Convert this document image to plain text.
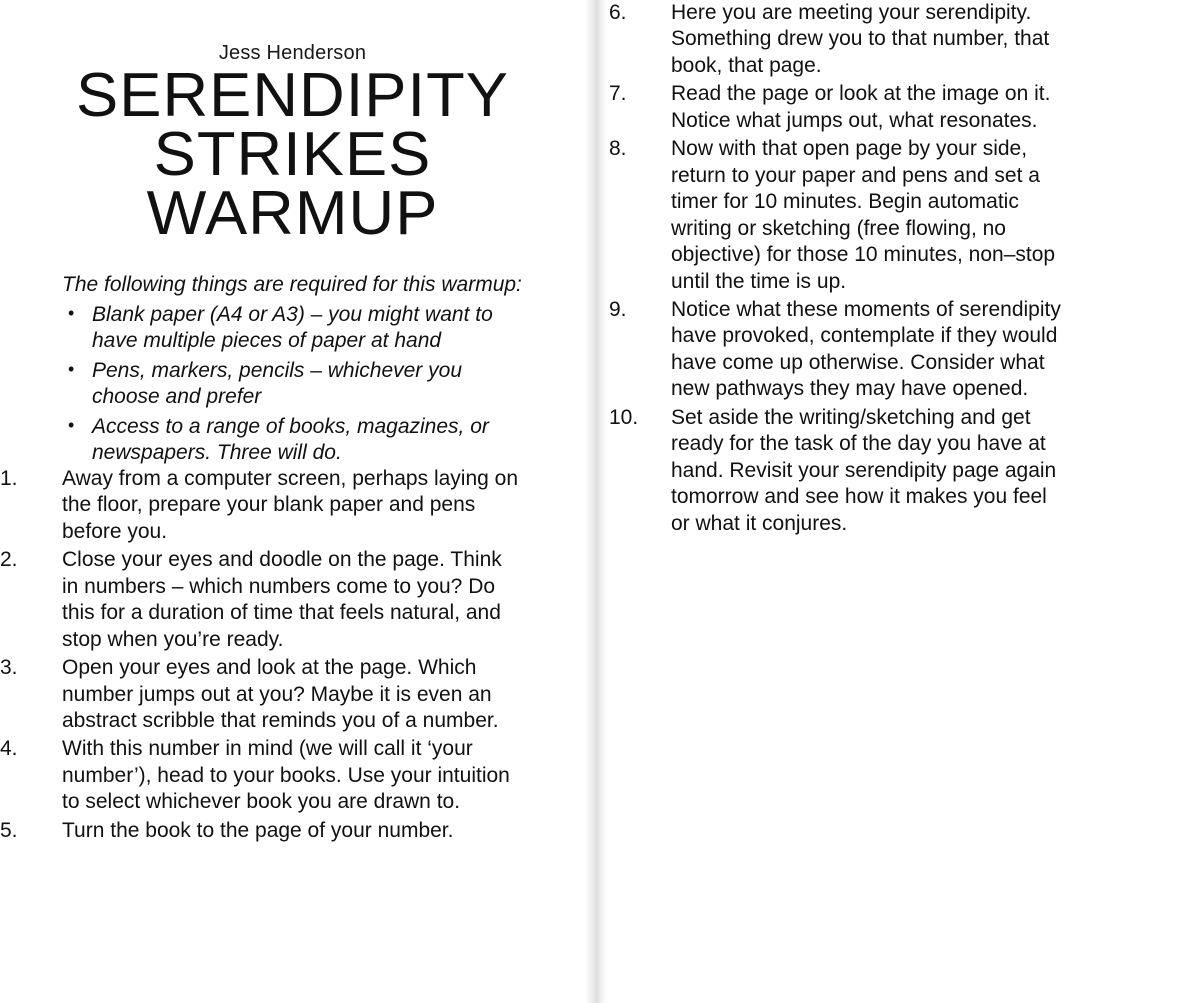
Jess Henderson
SERENDIPITY
STRIKES
WARMUP

The following things are required for this warmup:

• Blank paper (A4 or A3) – you might want to have multiple pieces of paper at hand
• Pens, markers, pencils – whichever you choose and prefer
• Access to a range of books, magazines, or newspapers. Three will do.
1.	Away from a computer screen, perhaps laying on the floor, prepare your blank paper and pens before you.
2.	Close your eyes and doodle on the page. Think in numbers – which numbers come to you? Do this for a duration of time that feels natural, and stop when you’re ready.
3.	Open your eyes and look at the page. Which number jumps out at you? Maybe it is even an abstract scribble that reminds you of a number.
4.	With this number in mind (we will call it ‘your number’), head to your books. Use your intuition to select whichever book you are drawn to.
5.	Turn the book to the page of your number.
6.	Here you are meeting your serendipity. Something drew you to that number, that book, that page.
7.	Read the page or look at the image on it. Notice what jumps out, what resonates.
8.	Now with that open page by your side, return to your paper and pens and set a timer for 10 minutes. Begin automatic writing or sketching (free flowing, no objective) for those 10 minutes, non–stop until the time is up.
9.	Notice what these moments of serendipity have provoked, contemplate if they would have come up otherwise. Consider what new pathways they may have opened.
10.	Set aside the writing/sketching and get ready for the task of the day you have at hand. Revisit your serendipity page again tomorrow and see how it makes you feel or what it conjures.
